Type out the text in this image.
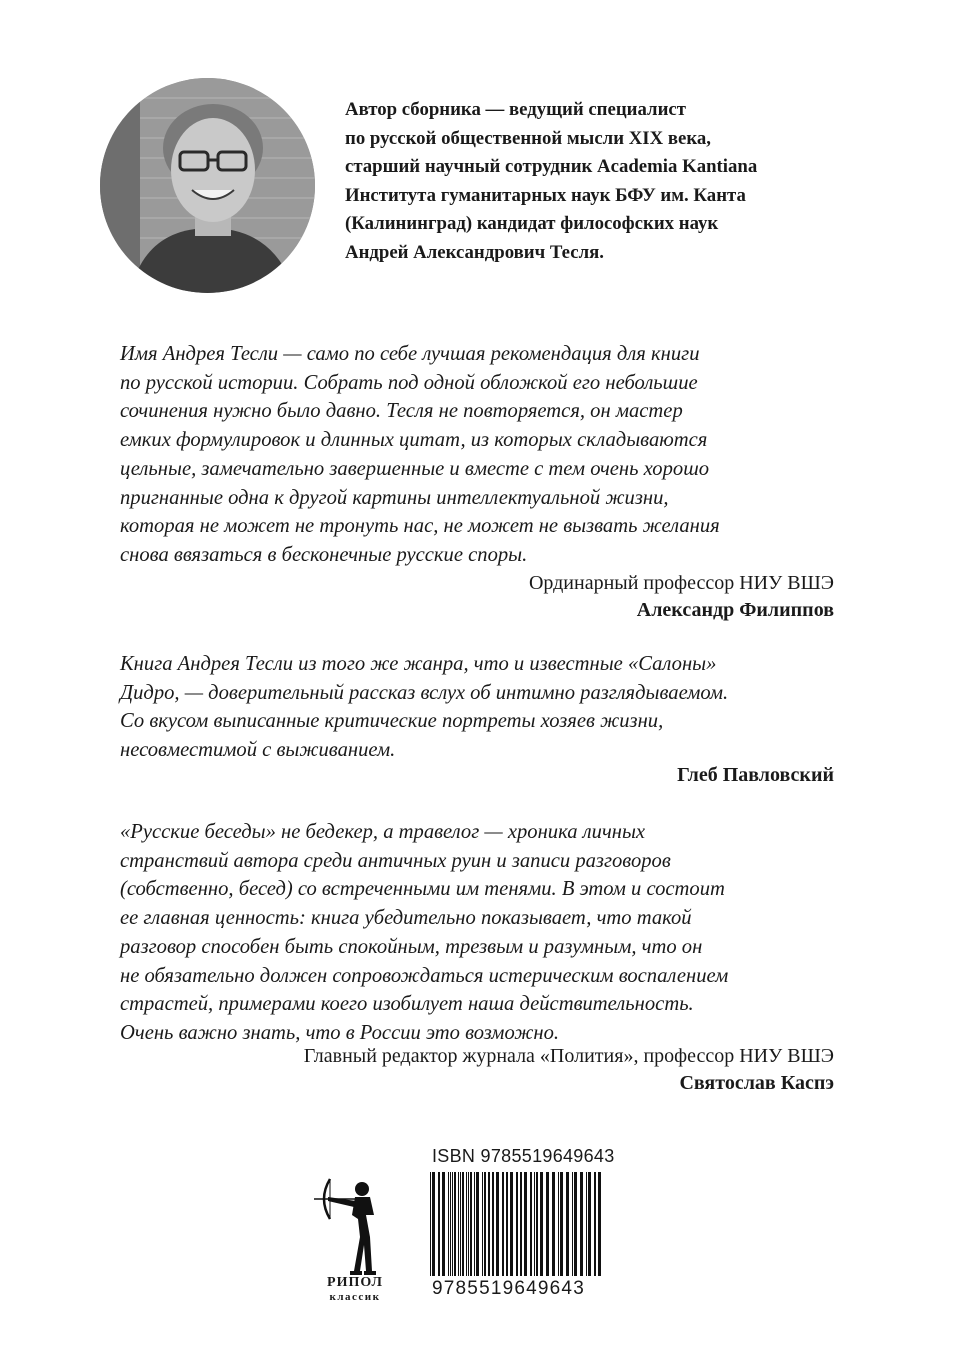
Автор сборника — ведущий специалист
по русской общественной мысли XIX века,
старший научный сотрудник Academia Kantiana
Института гуманитарных наук БФУ им. Канта
(Калининград) кандидат философских наук
Андрей Александрович Тесля.

Имя Андрея Тесли — само по себе лучшая рекомендация для книги
по русской истории. Собрать под одной обложкой его небольшие
сочинения нужно было давно. Тесля не повторяется, он мастер
емких формулировок и длинных цитат, из которых складываются
цельные, замечательно завершенные и вместе с тем очень хорошо
пригнанные одна к другой картины интеллектуальной жизни,
которая не может не тронуть нас, не может не вызвать желания
снова ввязаться в бесконечные русские споры.

Ординарный профессор НИУ ВШЭ
Александр Филиппов

Книга Андрея Тесли из того же жанра, что и известные «Салоны»
Дидро, — доверительный рассказ вслух об интимно разглядываемом.
Со вкусом выписанные критические портреты хозяев жизни,
несовместимой с выживанием.

Глеб Павловский

«Русские беседы» не бедекер, а травелог — хроника личных
странствий автора среди античных руин и записи разговоров
(собственно, бесед) со встреченными им тенями. В этом и состоит
ее главная ценность: книга убедительно показывает, что такой
разговор способен быть спокойным, трезвым и разумным, что он
не обязательно должен сопровождаться истерическим воспалением
страстей, примерами коего изобилует наша действительность.
Очень важно знать, что в России это возможно.

Главный редактор журнала «Полития», профессор НИУ ВШЭ
Святослав Каспэ

РИПОЛ
классик
ISBN 9785519649643
9785519649643
